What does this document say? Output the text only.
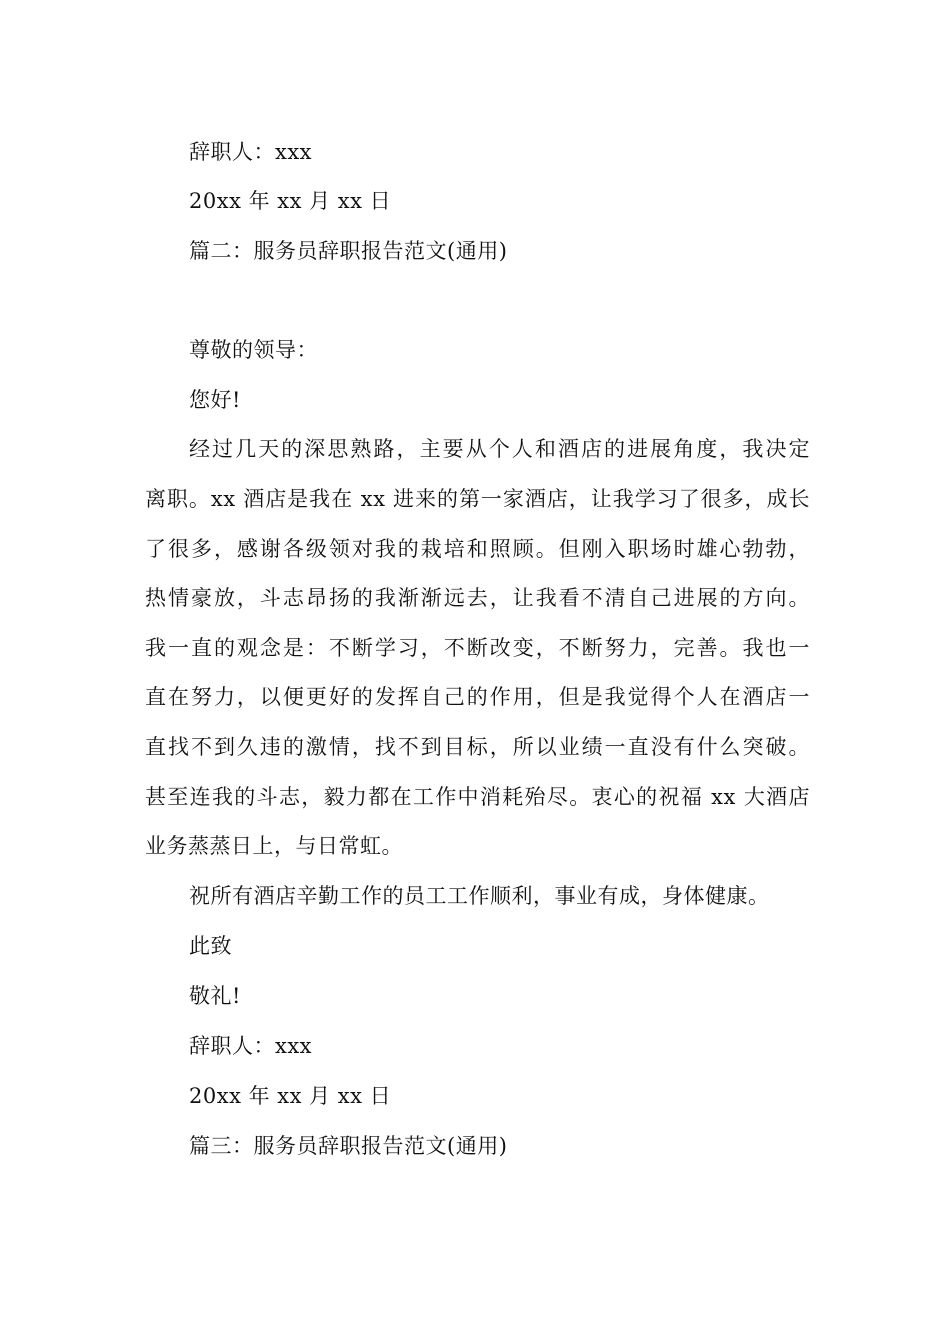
辞职人：xxx
20xx 年 xx 月 xx 日
篇二：服务员辞职报告范文(通用)
尊敬的领导：
您好!
经过几天的深思熟路，主要从个人和酒店的进展角度，我决定
离职。xx 酒店是我在 xx 进来的第一家酒店，让我学习了很多，成长
了很多，感谢各级领对我的栽培和照顾。但刚入职场时雄心勃勃，
热情豪放，斗志昂扬的我渐渐远去，让我看不清自己进展的方向。
我一直的观念是：不断学习，不断改变，不断努力，完善。我也一
直在努力，以便更好的发挥自己的作用，但是我觉得个人在酒店一
直找不到久违的激情，找不到目标，所以业绩一直没有什么突破。
甚至连我的斗志，毅力都在工作中消耗殆尽。衷心的祝福 xx 大酒店
业务蒸蒸日上，与日常虹。
祝所有酒店辛勤工作的员工工作顺利，事业有成，身体健康。
此致
敬礼!
辞职人：xxx
20xx 年 xx 月 xx 日
篇三：服务员辞职报告范文(通用)
